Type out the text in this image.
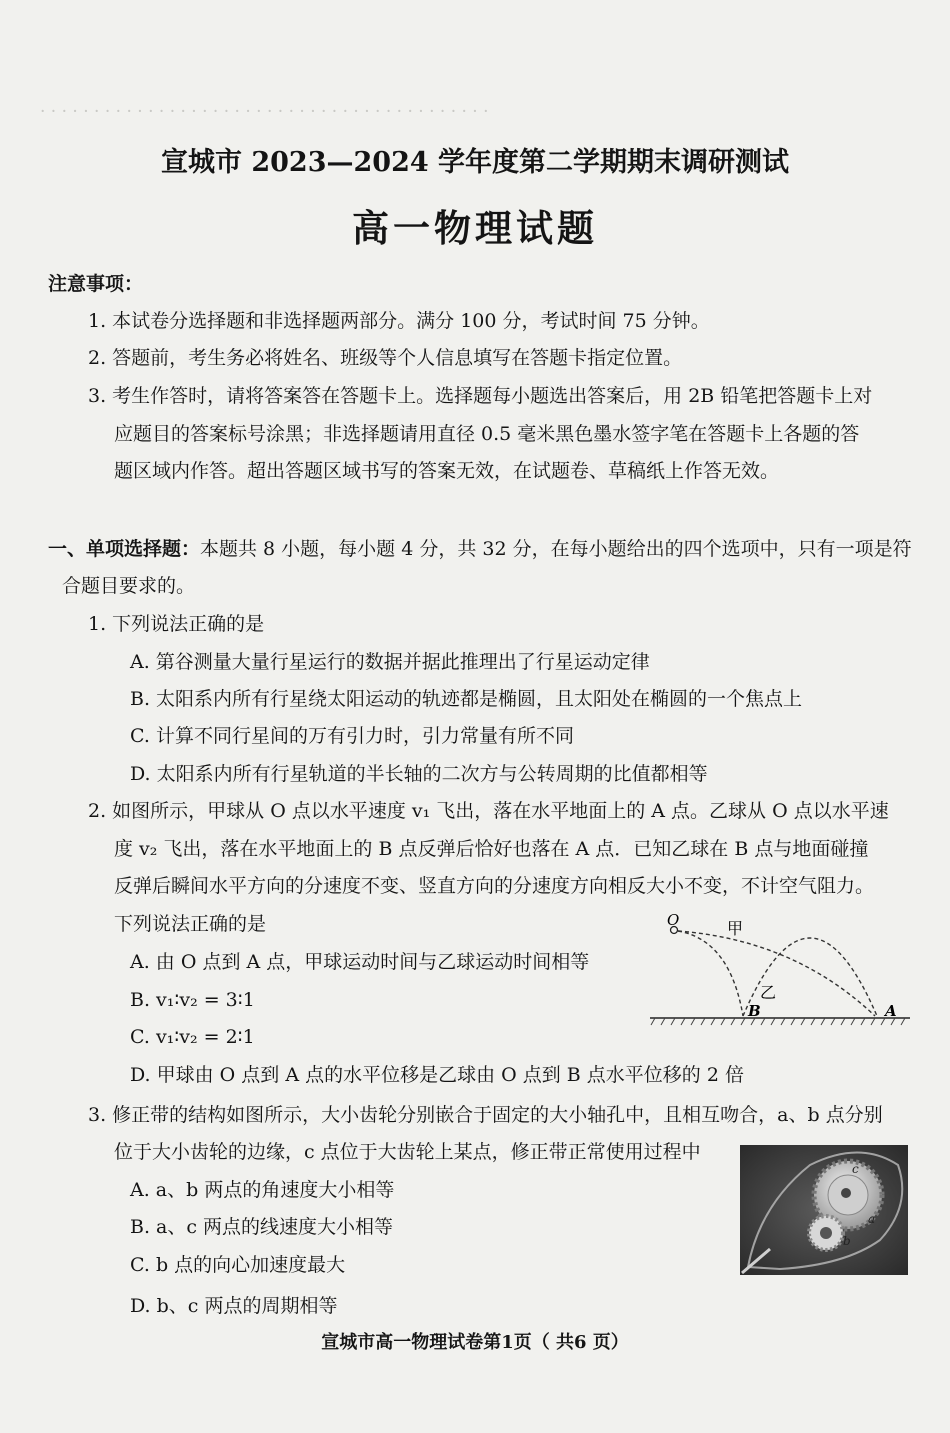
· · · · · · · · · · · · · · · · · · · · · · · · · · · · · · · · · · · · · · · · · ·
宣城市 2023—2024 学年度第二学期期末调研测试
高一物理试题
注意事项：
1. 本试卷分选择题和非选择题两部分。满分 100 分，考试时间 75 分钟。
2. 答题前，考生务必将姓名、班级等个人信息填写在答题卡指定位置。
3. 考生作答时，请将答案答在答题卡上。选择题每小题选出答案后，用 2B 铅笔把答题卡上对
应题目的答案标号涂黑；非选择题请用直径 0.5 毫米黑色墨水签字笔在答题卡上各题的答
题区域内作答。超出答题区域书写的答案无效，在试题卷、草稿纸上作答无效。
一、单项选择题：本题共 8 小题，每小题 4 分，共 32 分，在每小题给出的四个选项中，只有一项是符
合题目要求的。
1. 下列说法正确的是
A. 第谷测量大量行星运行的数据并据此推理出了行星运动定律
B. 太阳系内所有行星绕太阳运动的轨迹都是椭圆，且太阳处在椭圆的一个焦点上
C. 计算不同行星间的万有引力时，引力常量有所不同
D. 太阳系内所有行星轨道的半长轴的二次方与公转周期的比值都相等
2. 如图所示，甲球从 O 点以水平速度 v₁ 飞出，落在水平地面上的 A 点。乙球从 O 点以水平速
度 v₂ 飞出，落在水平地面上的 B 点反弹后恰好也落在 A 点．已知乙球在 B 点与地面碰撞
反弹后瞬间水平方向的分速度不变、竖直方向的分速度方向相反大小不变，不计空气阻力。
下列说法正确的是
A. 由 O 点到 A 点，甲球运动时间与乙球运动时间相等
B. v₁∶v₂ = 3∶1
C. v₁∶v₂ = 2∶1
D. 甲球由 O 点到 A 点的水平位移是乙球由 O 点到 B 点水平位移的 2 倍
O	甲
乙
B	A
3. 修正带的结构如图所示，大小齿轮分别嵌合于固定的大小轴孔中，且相互吻合，a、b 点分别
位于大小齿轮的边缘，c 点位于大齿轮上某点，修正带正常使用过程中
A. a、b 两点的角速度大小相等
B. a、c 两点的线速度大小相等
C. b 点的向心加速度最大
D. b、c 两点的周期相等
c
a
b
宣城市高一物理试卷第1页（ 共6 页）
